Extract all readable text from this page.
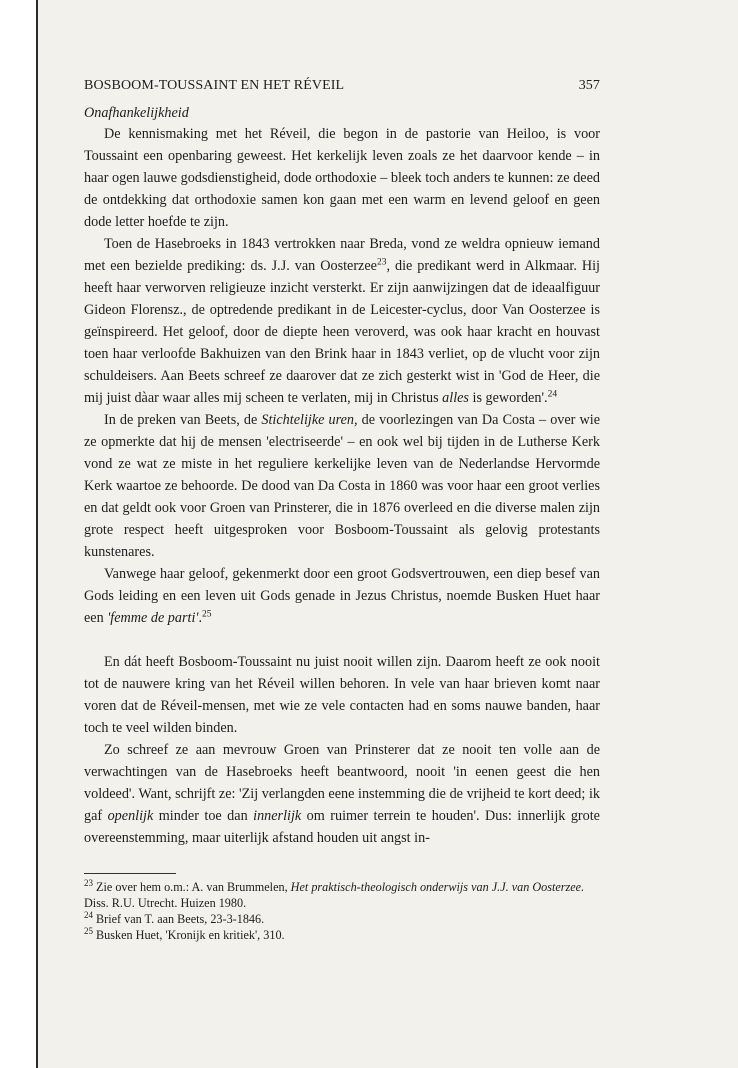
BOSBOOM-TOUSSAINT EN HET RÉVEIL	357
Onafhankelijkheid

De kennismaking met het Réveil, die begon in de pastorie van Heiloo, is voor Toussaint een openbaring geweest. Het kerkelijk leven zoals ze het daarvoor kende – in haar ogen lauwe godsdienstigheid, dode orthodoxie – bleek toch anders te kunnen: ze deed de ontdekking dat orthodoxie samen kon gaan met een warm en levend geloof en geen dode letter hoefde te zijn.

Toen de Hasebroeks in 1843 vertrokken naar Breda, vond ze weldra opnieuw iemand met een bezielde prediking: ds. J.J. van Oosterzee$^{23}$, die predikant werd in Alkmaar. Hij heeft haar verworven religieuze inzicht versterkt. Er zijn aanwijzingen dat de ideaalfiguur Gideon Florensz., de optredende predikant in de Leicester-cyclus, door Van Oosterzee is geïnspireerd. Het geloof, door de diepte heen veroverd, was ook haar kracht en houvast toen haar verloofde Bakhuizen van den Brink haar in 1843 verliet, op de vlucht voor zijn schuldeisers. Aan Beets schreef ze daarover dat ze zich gesterkt wist in 'God de Heer, die mij juist dàar waar alles mij scheen te verlaten, mij in Christus alles is geworden'.$^{24}$

In de preken van Beets, de Stichtelijke uren, de voorlezingen van Da Costa – over wie ze opmerkte dat hij de mensen 'electriseerde' – en ook wel bij tijden in de Lutherse Kerk vond ze wat ze miste in het reguliere kerkelijke leven van de Nederlandse Hervormde Kerk waartoe ze behoorde. De dood van Da Costa in 1860 was voor haar een groot verlies en dat geldt ook voor Groen van Prinsterer, die in 1876 overleed en die diverse malen zijn grote respect heeft uitgesproken voor Bosboom-Toussaint als gelovig protestants kunstenares.

Vanwege haar geloof, gekenmerkt door een groot Godsvertrouwen, een diep besef van Gods leiding en een leven uit Gods genade in Jezus Christus, noemde Busken Huet haar een 'femme de parti'.$^{25}$

En dát heeft Bosboom-Toussaint nu juist nooit willen zijn. Daarom heeft ze ook nooit tot de nauwere kring van het Réveil willen behoren. In vele van haar brieven komt naar voren dat de Réveil-mensen, met wie ze vele contacten had en soms nauwe banden, haar toch te veel wilden binden.

Zo schreef ze aan mevrouw Groen van Prinsterer dat ze nooit ten volle aan de verwachtingen van de Hasebroeks heeft beantwoord, nooit 'in eenen geest die hen voldeed'. Want, schrijft ze: 'Zij verlangden eene instemming die de vrijheid te kort deed; ik gaf openlijk minder toe dan innerlijk om ruimer terrein te houden'. Dus: innerlijk grote overeenstemming, maar uiterlijk afstand houden uit angst in-

$^{23}$ Zie over hem o.m.: A. van Brummelen, Het praktisch-theologisch onderwijs van J.J. van Oosterzee. Diss. R.U. Utrecht. Huizen 1980.
$^{24}$ Brief van T. aan Beets, 23-3-1846.
$^{25}$ Busken Huet, 'Kronijk en kritiek', 310.
